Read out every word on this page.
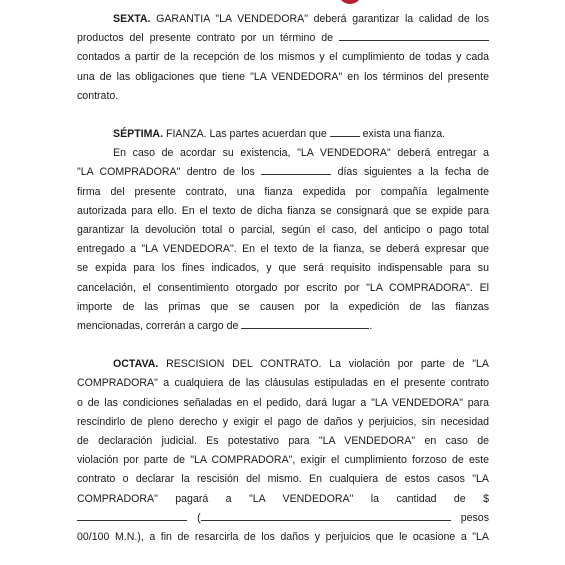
SEXTA. GARANTIA "LA VENDEDORA" deberá garantizar la calidad de los

productos del presente contrato por un término de

contados a partir de la recepción de los mismos y el cumplimiento de todas y cada

una de las obligaciones que tiene "LA VENDEDORA" en los términos del presente

contrato.

SÉPTIMA. FIANZA. Las partes acuerdan que	exista una fianza.

En caso de acordar su existencia, "LA VENDEDORA" deberá entregar a

"LA COMPRADORA" dentro de los	días siguientes a la fecha de

firma del presente contrato, una fianza expedida por compañía legalmente

autorizada para ello. En el texto de dicha fianza se consignará que se expide para

garantizar la devolución total o parcial, según el caso, del anticipo o pago total

entregado a "LA VENDEDORA". En el texto de la fianza, se deberá expresar que

se expida para los fines indicados, y que será requisito indispensable para su

cancelación, el consentimiento otorgado por escrito por "LA COMPRADORA". El

importe de las primas que se causen por la expedición de las fianzas

mencionadas, correrán a cargo de	.

OCTAVA. RESCISION DEL CONTRATO. La violación por parte de "LA

COMPRADORA" a cualquiera de las cláusulas estipuladas en el presente contrato

o de las condiciones señaladas en el pedido, dará lugar a "LA VENDEDORA" para

rescindirlo de pleno derecho y exigir el pago de daños y perjuicios, sin necesidad

de declaración judicial. Es potestativo para "LA VENDEDORA" en caso de

violación por parte de "LA COMPRADORA", exigir el cumplimiento forzoso de este

contrato o declarar la rescisión del mismo. En cualquiera de estos casos "LA

COMPRADORA" pagará a "LA VENDEDORA" la cantidad de $

(	pesos

00/100 M.N.), a fin de resarcirla de los daños y perjuicios que le ocasione a "LA
